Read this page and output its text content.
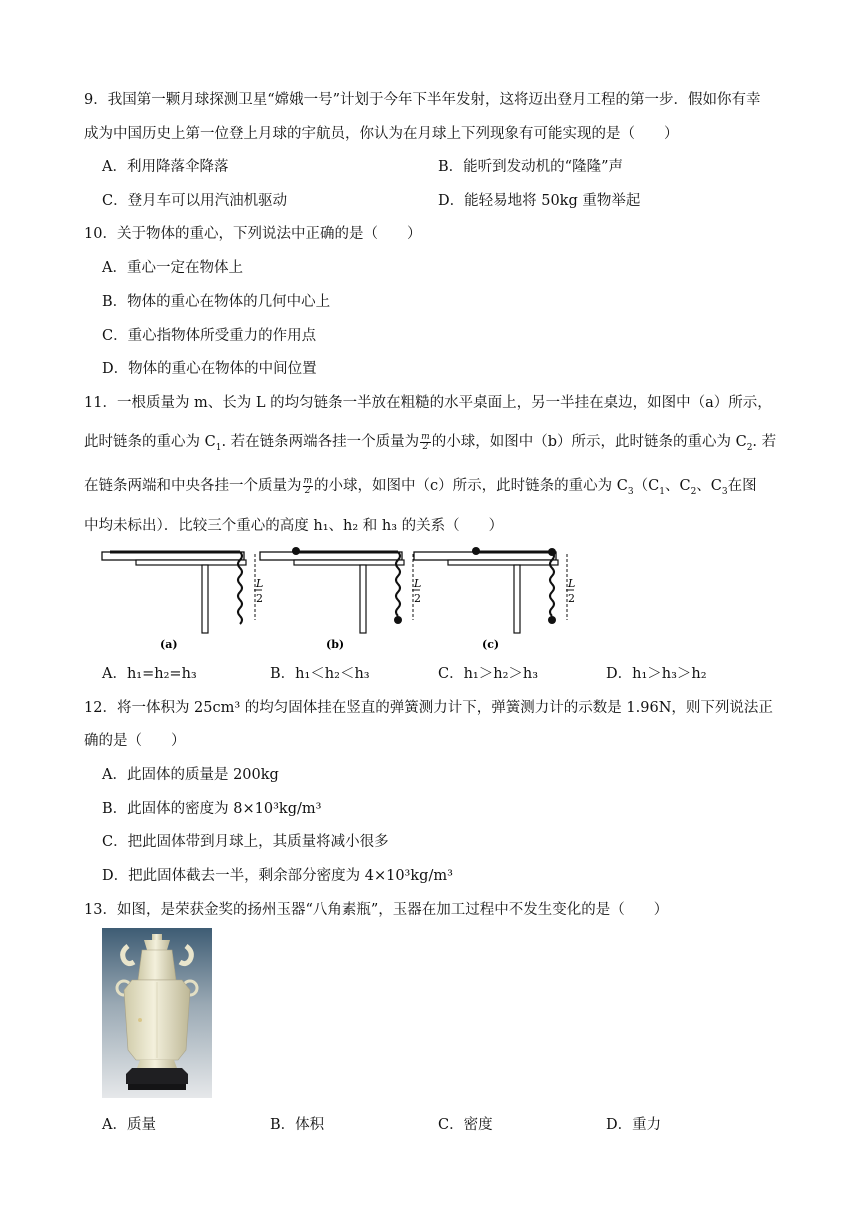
9．我国第一颗月球探测卫星“嫦娥一号”计划于今年下半年发射，这将迈出登月工程的第一步．假如你有幸
成为中国历史上第一位登上月球的宇航员，你认为在月球上下列现象有可能实现的是（　　）
A．利用降落伞降落	B．能听到发动机的“隆隆”声
C．登月车可以用汽油机驱动	D．能轻易地将 50kg 重物举起
10．关于物体的重心，下列说法中正确的是（　　）
A．重心一定在物体上
B．物体的重心在物体的几何中心上
C．重心指物体所受重力的作用点
D．物体的重心在物体的中间位置
11．一根质量为 m、长为 L 的均匀链条一半放在粗糙的水平桌面上，另一半挂在桌边，如图中（a）所示，
此时链条的重心为 $C_1$. 若在链条两端各挂一个质量为 $\frac{m}{2}$ 的小球，如图中（b）所示，此时链条的重心为 $C_2$. 若
在链条两端和中央各挂一个质量为 $\frac{m}{2}$ 的小球，如图中（c）所示，此时链条的重心为 $C_3(C_1$、$C_2$、$C_3$在图
中均未标出）．比较三个重心的高度 h₁、h₂ 和 h₃ 的关系（　　）
L
2
(a)
L
2
(b)
L
2
(c)
A．h₁=h₂=h₃	B．h₁＜h₂＜h₃	C．h₁＞h₂＞h₃	D．h₁＞h₃＞h₂
12．将一体积为 25cm³ 的均匀固体挂在竖直的弹簧测力计下，弹簧测力计的示数是 1.96N，则下列说法正
确的是（　　）
A．此固体的质量是 200kg
B．此固体的密度为 8×10³kg/m³
C．把此固体带到月球上，其质量将减小很多
D．把此固体截去一半，剩余部分密度为 4×10³kg/m³
13．如图，是荣获金奖的扬州玉器“八角素瓶”，玉器在加工过程中不发生变化的是（　　）
A．质量	B．体积	C．密度	D．重力
